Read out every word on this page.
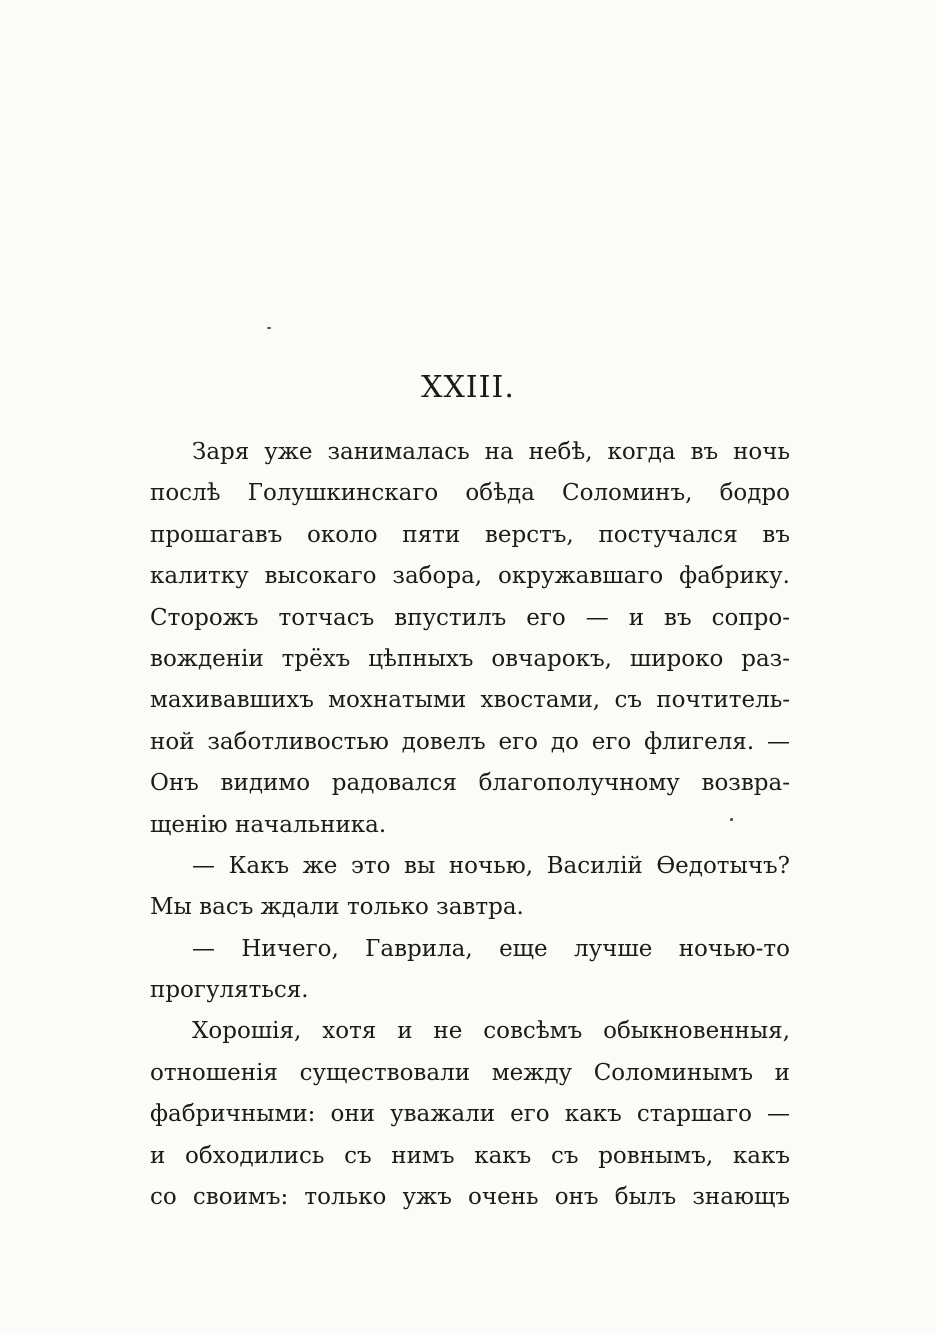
XXIII.
Заря уже занималась на небѣ, когда въ ночь
послѣ Голушкинскаго обѣда Соломинъ, бодро
прошагавъ около пяти верстъ, постучался въ
калитку высокаго забора, окружавшаго фабрику.
Сторожъ тотчасъ впустилъ его — и въ сопро-
вожденіи трёхъ цѣпныхъ овчарокъ, широко раз-
махивавшихъ мохнатыми хвостами, съ почтитель-
ной заботливостью довелъ его до его флигеля. —
Онъ видимо радовался благополучному возвра-
щенію начальника.
— Какъ же это вы ночью, Василій Ѳедотычъ?
Мы васъ ждали только завтра.
— Ничего, Гаврила, еще лучше ночью-то
прогуляться.
Хорошія, хотя и не совсѣмъ обыкновенныя,
отношенія существовали между Соломинымъ и
фабричными: они уважали его какъ старшаго —
и обходились съ нимъ какъ съ ровнымъ, какъ
со своимъ: только ужъ очень онъ былъ знающъ
